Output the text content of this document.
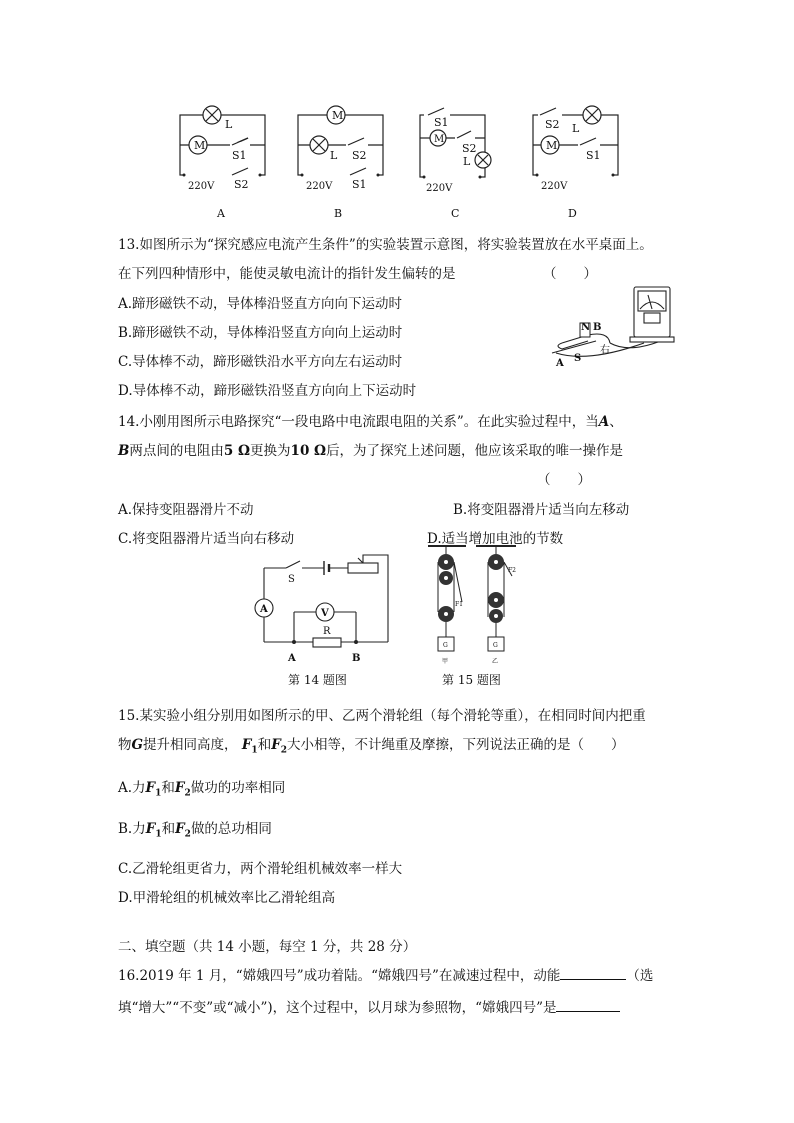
M
L
S1
S2
220V
M
L S2
S1
220V
S1
M
S2
L
220V
S2 L
M
S1
220V
A	B	C	D
13.如图所示为“探究感应电流产生条件”的实验装置示意图，将实验装置放在水平桌面上。
在下列四种情形中，能使灵敏电流计的指针发生偏转的是	（　　）
A.蹄形磁铁不动，导体棒沿竖直方向向下运动时
B.蹄形磁铁不动，导体棒沿竖直方向向上运动时
C.导体棒不动，蹄形磁铁沿水平方向左右运动时
D.导体棒不动，蹄形磁铁沿竖直方向向上下运动时
N B
A S
右
14.小刚用图所示电路探究“一段电路中电流跟电阻的关系”。在此实验过程中，当A、
B两点间的电阻由5 Ω更换为10 Ω后，为了探究上述问题，他应该采取的唯一操作是
（　　）
A.保持变阻器滑片不动	B.将变阻器滑片适当向左移动
C.将变阻器滑片适当向右移动	D.适当增加电池的节数
S
A	V
R
A	B
第 14 题图
F1
F2
G	G
甲	乙
第 15 题图
15.某实验小组分别用如图所示的甲、乙两个滑轮组（每个滑轮等重），在相同时间内把重
物G提升相同高度， $F_1$和$F_2$大小相等，不计绳重及摩擦，下列说法正确的是（　　）
A.力$F_1$和$F_2$做功的功率相同
B.力$F_1$和$F_2$做的总功相同
C.乙滑轮组更省力，两个滑轮组机械效率一样大
D.甲滑轮组的机械效率比乙滑轮组高
二、填空题（共 14 小题，每空 1 分，共 28 分）
16.2019 年 1 月，“嫦娥四号”成功着陆。“嫦娥四号”在减速过程中，动能	（选
填“增大”“不变”或“减小”)，这个过程中，以月球为参照物，“嫦娥四号”是
